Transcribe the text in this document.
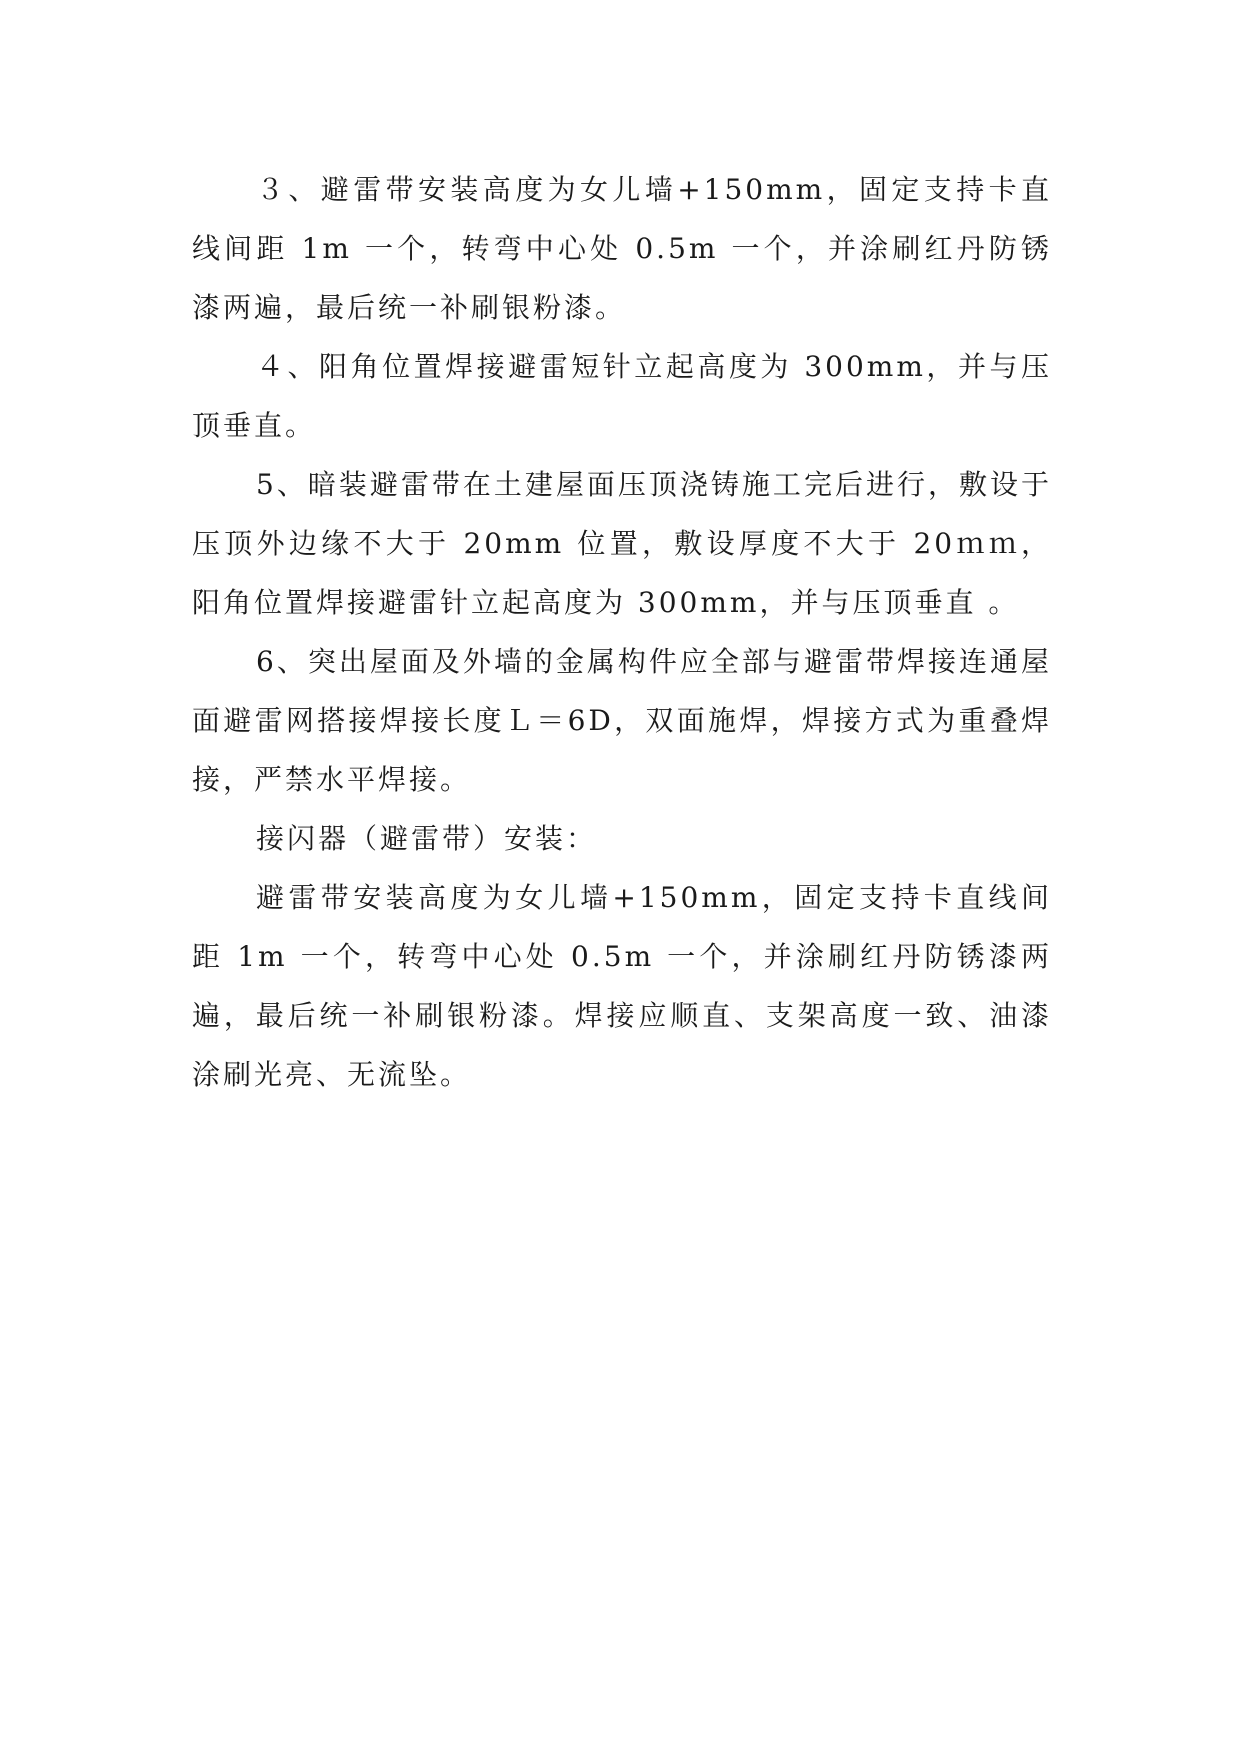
３、避雷带安装高度为女儿墙+150mm，固定支持卡直线间距 1m 一个，转弯中心处 0.5m 一个，并涂刷红丹防锈漆两遍，最后统一补刷银粉漆。

４、阳角位置焊接避雷短针立起高度为 300mm，并与压顶垂直。

5、暗装避雷带在土建屋面压顶浇铸施工完后进行，敷设于压顶外边缘不大于 20mm 位置，敷设厚度不大于 20ｍｍ，阳角位置焊接避雷针立起高度为 300mm，并与压顶垂直 。

6、突出屋面及外墙的金属构件应全部与避雷带焊接连通屋面避雷网搭接焊接长度Ｌ＝6D，双面施焊，焊接方式为重叠焊接，严禁水平焊接。

接闪器（避雷带）安装：

避雷带安装高度为女儿墙+150mm，固定支持卡直线间距 1m 一个，转弯中心处 0.5m 一个，并涂刷红丹防锈漆两遍，最后统一补刷银粉漆。焊接应顺直、支架高度一致、油漆涂刷光亮、无流坠。
